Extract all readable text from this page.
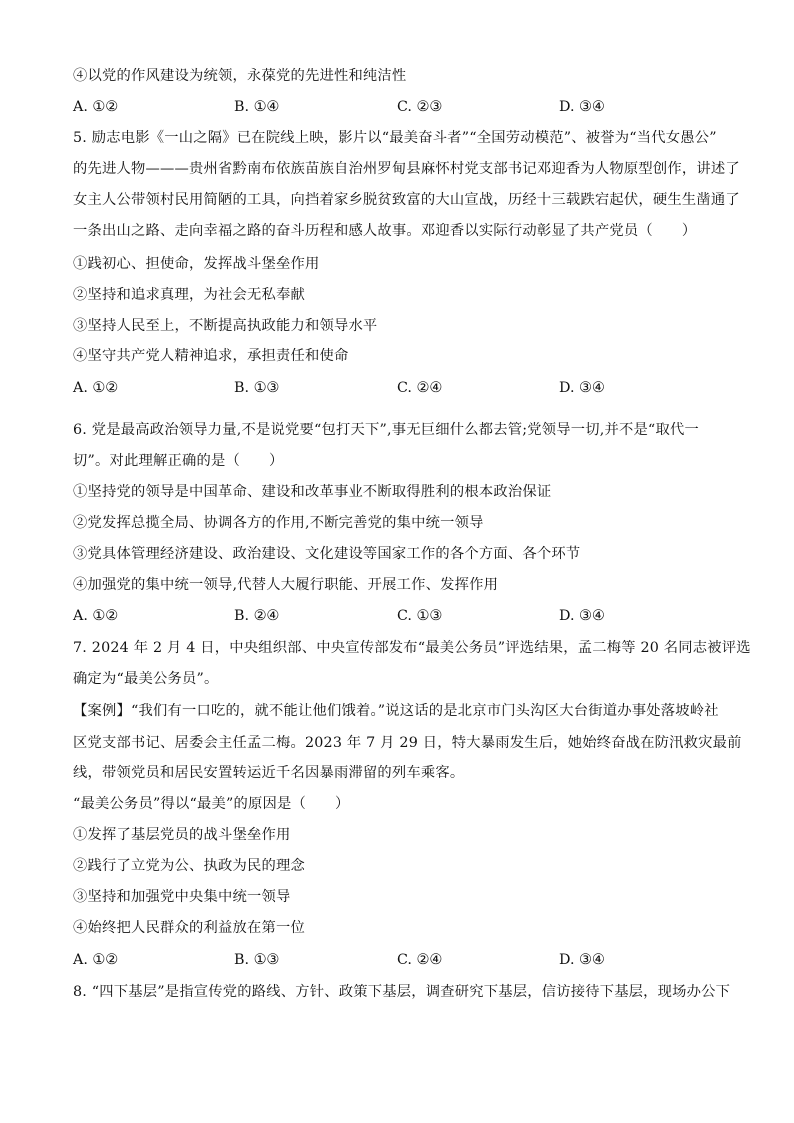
④以党的作风建设为统领，永葆党的先进性和纯洁性
A. ①②	B. ①④	C. ②③	D. ③④
5. 励志电影《一山之隔》已在院线上映，影片以“最美奋斗者”“全国劳动模范”、被誉为“当代女愚公”
的先进人物———贵州省黔南布依族苗族自治州罗甸县麻怀村党支部书记邓迎香为人物原型创作，讲述了
女主人公带领村民用简陋的工具，向挡着家乡脱贫致富的大山宣战，历经十三载跌宕起伏，硬生生凿通了
一条出山之路、走向幸福之路的奋斗历程和感人故事。邓迎香以实际行动彰显了共产党员（　　）
①践初心、担使命，发挥战斗堡垒作用
②坚持和追求真理，为社会无私奉献
③坚持人民至上，不断提高执政能力和领导水平
④坚守共产党人精神追求，承担责任和使命
A. ①②	B. ①③	C. ②④	D. ③④
6. 党是最高政治领导力量,不是说党要“包打天下”,事无巨细什么都去管;党领导一切,并不是“取代一
切”。对此理解正确的是（　　）
①坚持党的领导是中国革命、建设和改革事业不断取得胜利的根本政治保证
②党发挥总揽全局、协调各方的作用,不断完善党的集中统一领导
③党具体管理经济建设、政治建设、文化建设等国家工作的各个方面、各个环节
④加强党的集中统一领导,代替人大履行职能、开展工作、发挥作用
A. ①②	B. ②④	C. ①③	D. ③④
7. 2024 年 2 月 4 日，中央组织部、中央宣传部发布“最美公务员”评选结果，孟二梅等 20 名同志被评选
确定为“最美公务员”。
【案例】“我们有一口吃的，就不能让他们饿着。”说这话的是北京市门头沟区大台街道办事处落坡岭社
区党支部书记、居委会主任孟二梅。2023 年 7 月 29 日，特大暴雨发生后，她始终奋战在防汛救灾最前
线，带领党员和居民安置转运近千名因暴雨滞留的列车乘客。
“最美公务员”得以“最美”的原因是（　　）
①发挥了基层党员的战斗堡垒作用
②践行了立党为公、执政为民的理念
③坚持和加强党中央集中统一领导
④始终把人民群众的利益放在第一位
A. ①②	B. ①③	C. ②④	D. ③④
8. “四下基层”是指宣传党的路线、方针、政策下基层，调查研究下基层，信访接待下基层，现场办公下
